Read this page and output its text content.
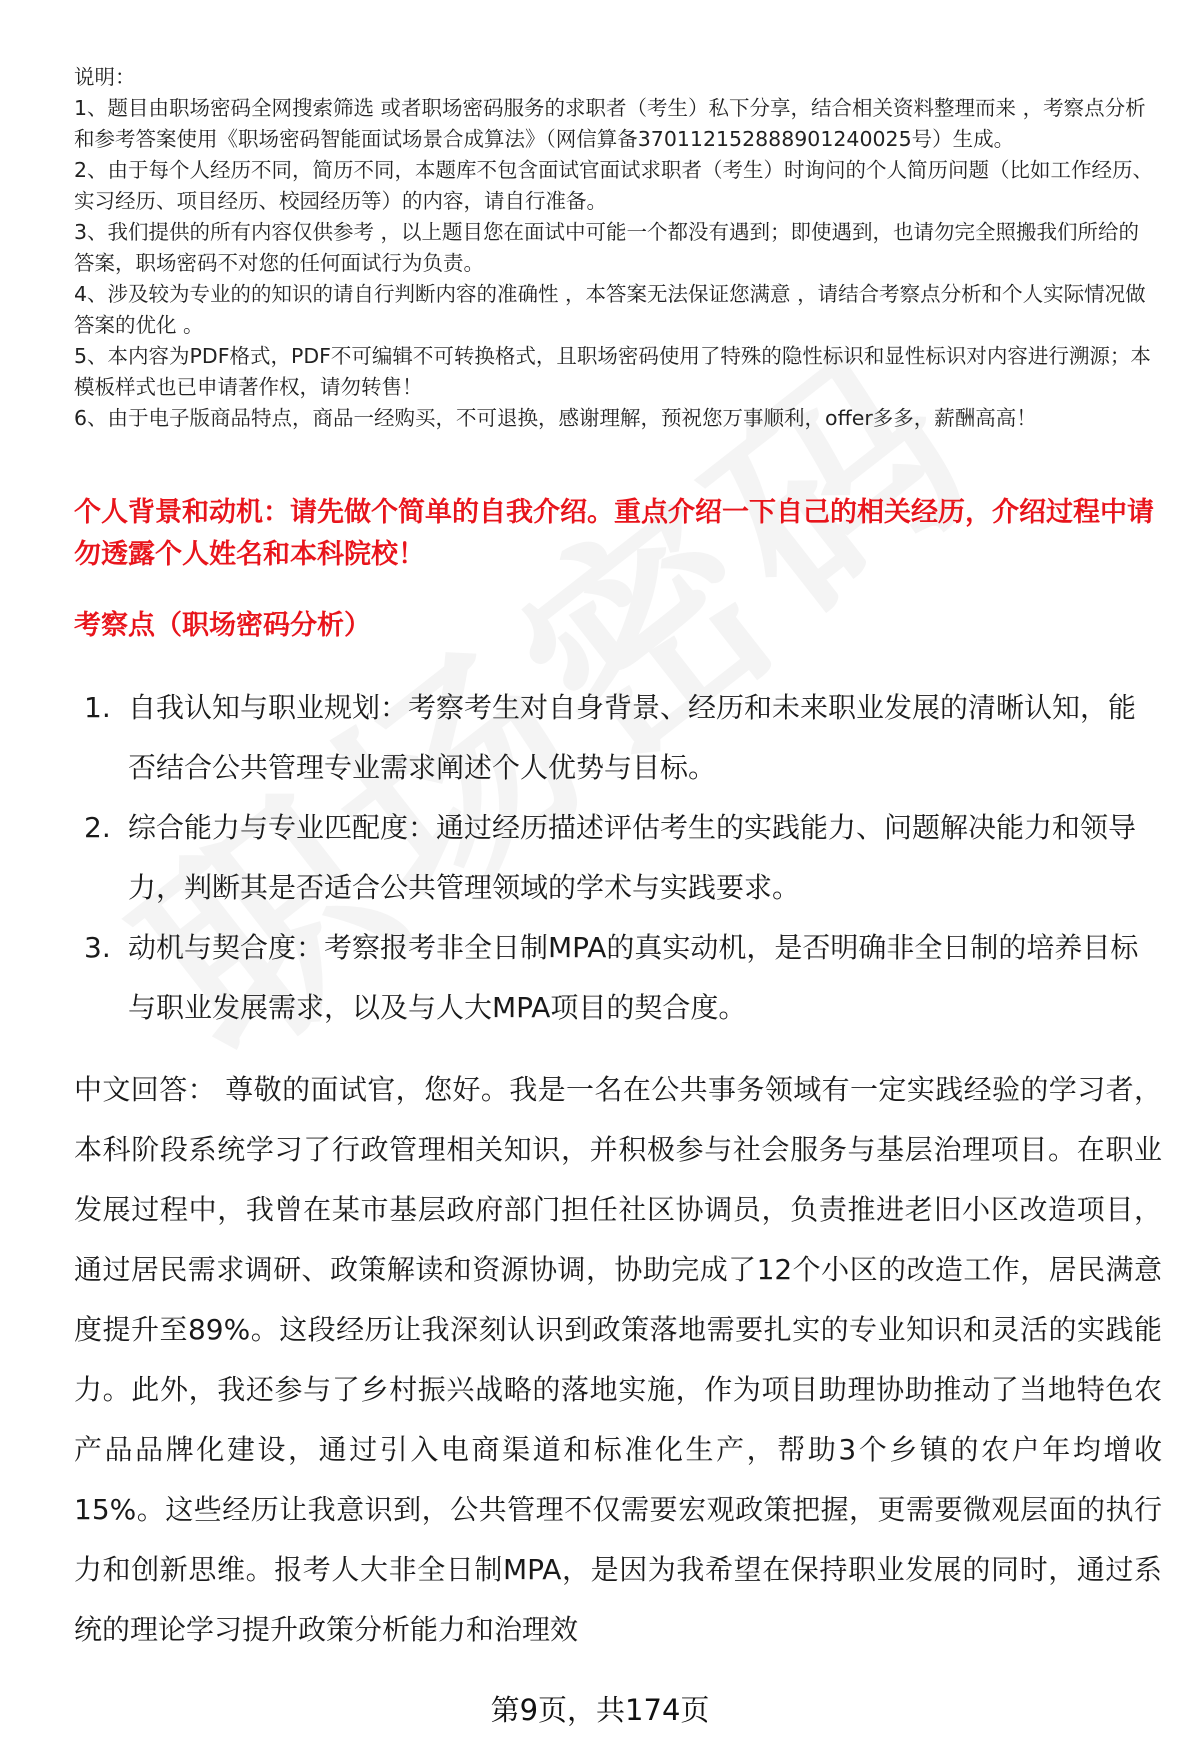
说明：

1、题目由职场密码全网搜索筛选 或者职场密码服务的求职者（考生）私下分享，结合相关资料整理而来 ，考察点分析和参考答案使用《职场密码智能面试场景合成算法》（网信算备370112152888901240025号）生成。

2、由于每个人经历不同，简历不同，本题库不包含面试官面试求职者（考生）时询问的个人简历问题（比如工作经历、实习经历、项目经历、校园经历等）的内容，请自行准备。

3、我们提供的所有内容仅供参考 ，以上题目您在面试中可能一个都没有遇到；即使遇到，也请勿完全照搬我们所给的答案，职场密码不对您的任何面试行为负责。

4、涉及较为专业的的知识的请自行判断内容的准确性 ，本答案无法保证您满意 ，请结合考察点分析和个人实际情况做答案的优化 。

5、本内容为PDF格式，PDF不可编辑不可转换格式，且职场密码使用了特殊的隐性标识和显性标识对内容进行溯源；本模板样式也已申请著作权，请勿转售！

6、由于电子版商品特点，商品一经购买，不可退换，感谢理解，预祝您万事顺利，offer多多，薪酬高高！

个人背景和动机：请先做个简单的自我介绍。重点介绍一下自己的相关经历，介绍过程中请勿透露个人姓名和本科院校！
考察点（职场密码分析）
1. 自我认知与职业规划：考察考生对自身背景、经历和未来职业发展的清晰认知，能否结合公共管理专业需求阐述个人优势与目标。
2. 综合能力与专业匹配度：通过经历描述评估考生的实践能力、问题解决能力和领导力，判断其是否适合公共管理领域的学术与实践要求。
3. 动机与契合度：考察报考非全日制MPA的真实动机，是否明确非全日制的培养目标与职业发展需求，以及与人大MPA项目的契合度。

中文回答： 尊敬的面试官，您好。我是一名在公共事务领域有一定实践经验的学习者，本科阶段系统学习了行政管理相关知识，并积极参与社会服务与基层治理项目。在职业发展过程中，我曾在某市基层政府部门担任社区协调员，负责推进老旧小区改造项目，通过居民需求调研、政策解读和资源协调，协助完成了12个小区的改造工作，居民满意度提升至89%。这段经历让我深刻认识到政策落地需要扎实的专业知识和灵活的实践能力。此外，我还参与了乡村振兴战略的落地实施，作为项目助理协助推动了当地特色农产品品牌化建设，通过引入电商渠道和标准化生产，帮助3个乡镇的农户年均增收15%。这些经历让我意识到，公共管理不仅需要宏观政策把握，更需要微观层面的执行力和创新思维。报考人大非全日制MPA，是因为我希望在保持职业发展的同时，通过系统的理论学习提升政策分析能力和治理效

第9页，共174页
